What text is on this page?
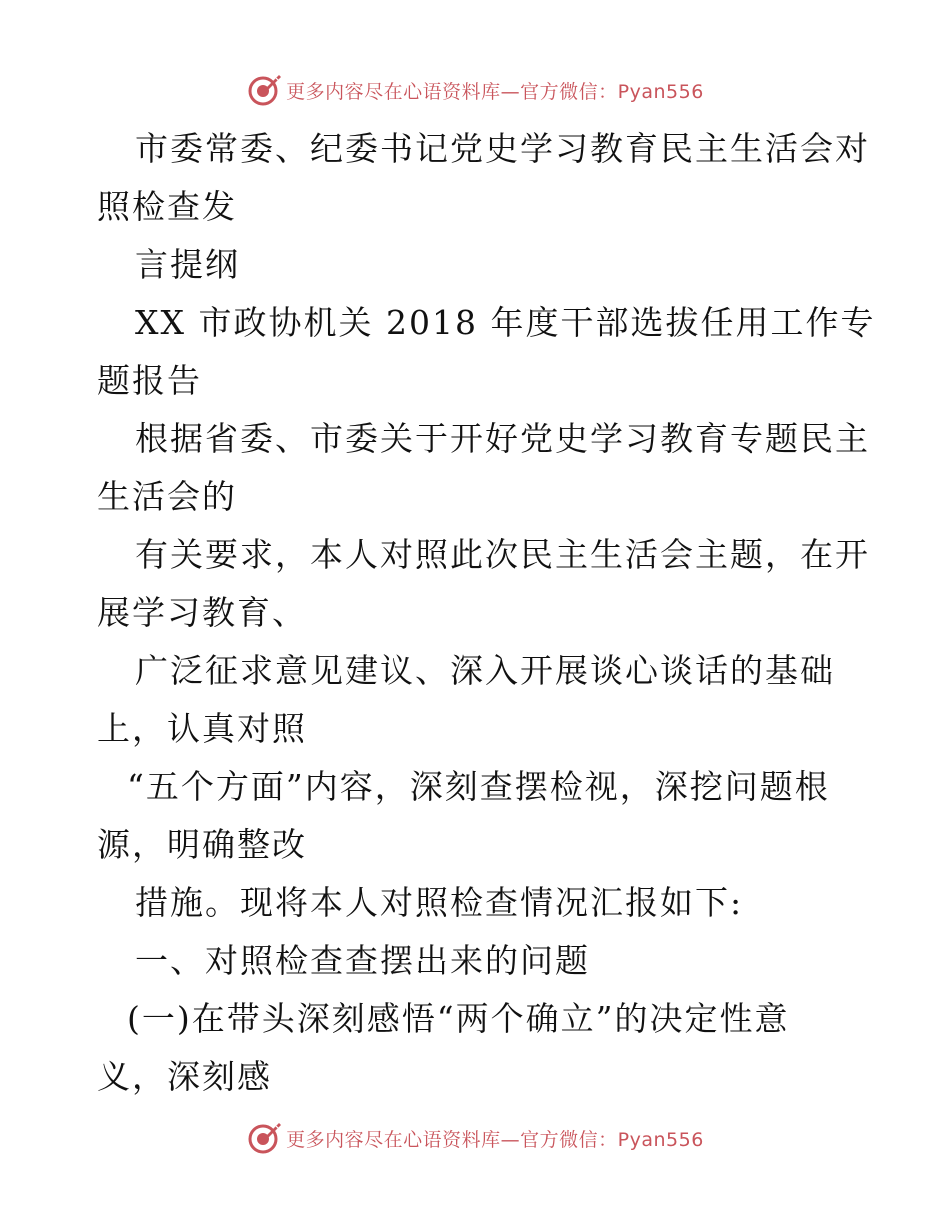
更多内容尽在心语资料库—官方微信：Pyan556
市委常委、纪委书记党史学习教育民主生活会对
照检查发
言提纲
XX 市政协机关 2018 年度干部选拔任用工作专
题报告
根据省委、市委关于开好党史学习教育专题民主
生活会的
有关要求，本人对照此次民主生活会主题，在开
展学习教育、
广泛征求意见建议、深入开展谈心谈话的基础
上，认真对照
“五个方面”内容，深刻查摆检视，深挖问题根
源，明确整改
措施。现将本人对照检查情况汇报如下:
一、对照检查查摆出来的问题
(一)在带头深刻感悟“两个确立”的决定性意
义，深刻感
更多内容尽在心语资料库—官方微信：Pyan556
